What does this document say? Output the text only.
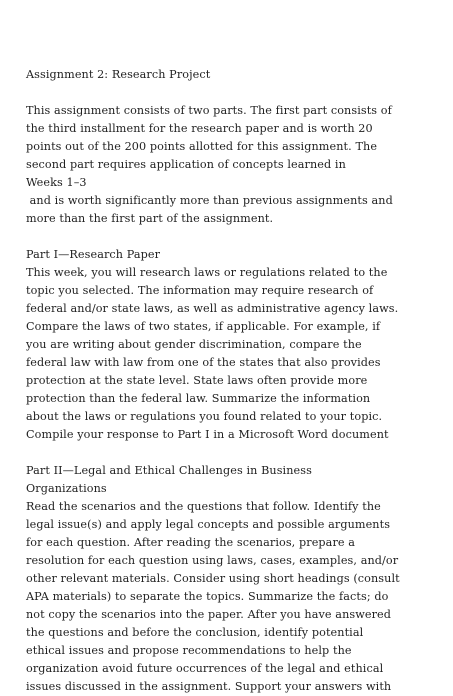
Assignment 2: Research Project
This assignment consists of two parts. The first part consists of
the third installment for the research paper and is worth 20
points out of the 200 points allotted for this assignment. The
second part requires application of concepts learned in
Weeks 1–3
and is worth significantly more than previous assignments and
more than the first part of the assignment.
Part I—Research Paper
This week, you will research laws or regulations related to the
topic you selected. The information may require research of
federal and/or state laws, as well as administrative agency laws.
Compare the laws of two states, if applicable. For example, if
you are writing about gender discrimination, compare the
federal law with law from one of the states that also provides
protection at the state level. State laws often provide more
protection than the federal law. Summarize the information
about the laws or regulations you found related to your topic.
Compile your response to Part I in a Microsoft Word document
Part II—Legal and Ethical Challenges in Business
Organizations
Read the scenarios and the questions that follow. Identify the
legal issue(s) and apply legal concepts and possible arguments
for each question. After reading the scenarios, prepare a
resolution for each question using laws, cases, examples, and/or
other relevant materials. Consider using short headings (consult
APA materials) to separate the topics. Summarize the facts; do
not copy the scenarios into the paper. After you have answered
the questions and before the conclusion, identify potential
ethical issues and propose recommendations to help the
organization avoid future occurrences of the legal and ethical
issues discussed in the assignment. Support your answers with
